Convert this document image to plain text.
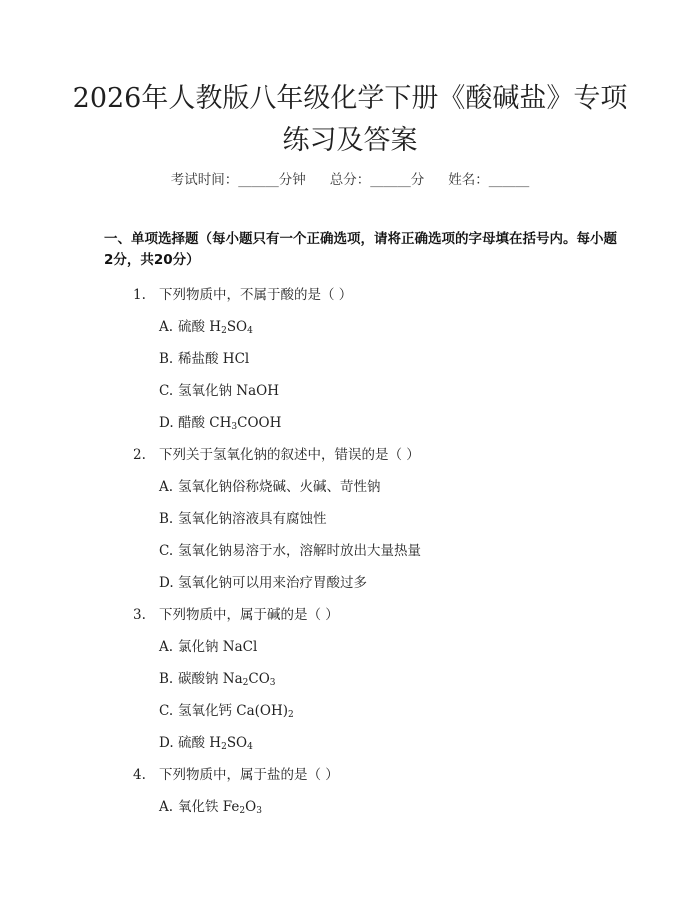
2026年人教版八年级化学下册《酸碱盐》专项练习及答案
考试时间：______分钟 总分：______分 姓名：______
一、单项选择题（每小题只有一个正确选项，请将正确选项的字母填在括号内。每小题2分，共20分）
1. 下列物质中，不属于酸的是（ ）
A. 硫酸 $H_2SO_4$
B. 稀盐酸 HCl
C. 氢氧化钠 NaOH
D. 醋酸 $CH_3COOH$
2. 下列关于氢氧化钠的叙述中，错误的是（ ）
A. 氢氧化钠俗称烧碱、火碱、苛性钠
B. 氢氧化钠溶液具有腐蚀性
C. 氢氧化钠易溶于水，溶解时放出大量热量
D. 氢氧化钠可以用来治疗胃酸过多
3. 下列物质中，属于碱的是（ ）
A. 氯化钠 NaCl
B. 碳酸钠 $Na_2CO_3$
C. 氢氧化钙 $Ca(OH)_2$
D. 硫酸 $H_2SO_4$
4. 下列物质中，属于盐的是（ ）
A. 氧化铁 $Fe_2O_3$
